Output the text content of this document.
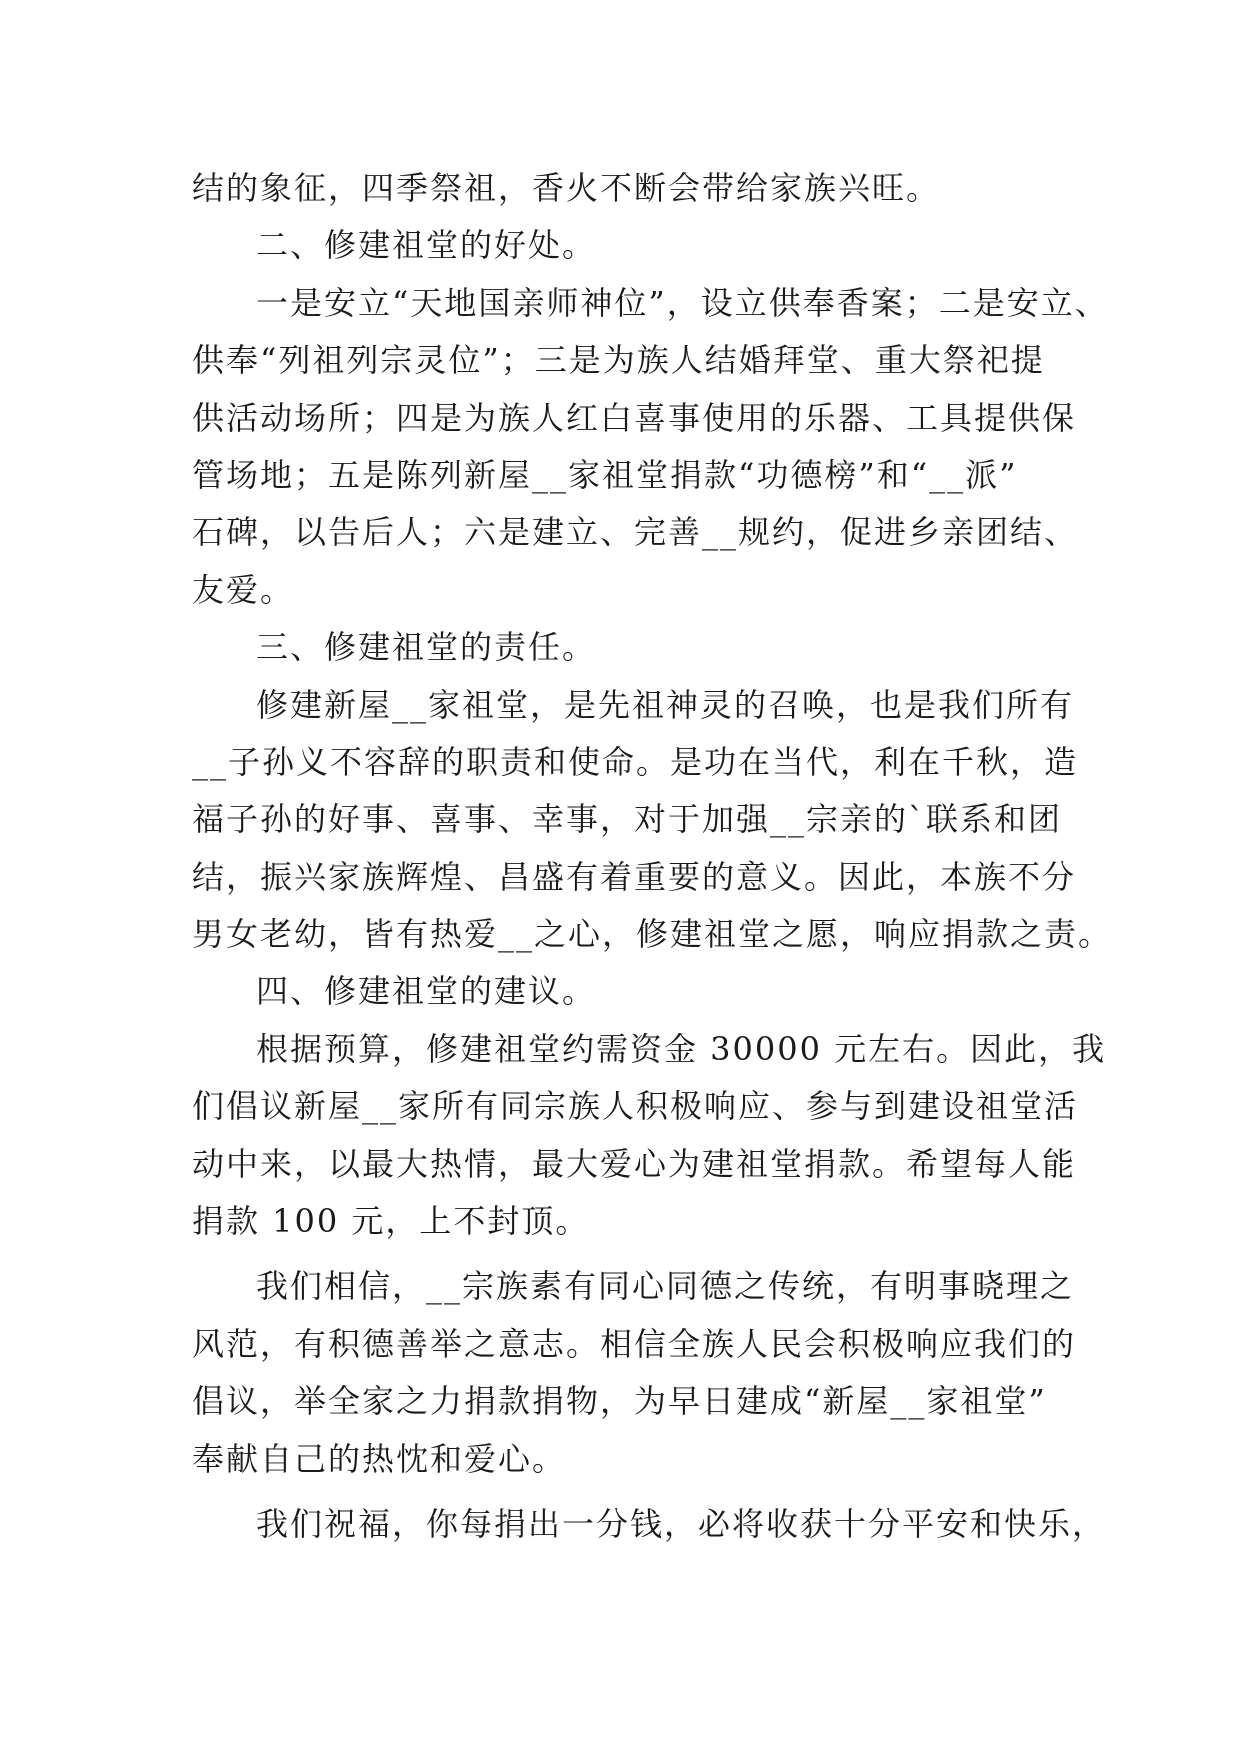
结的象征，四季祭祖，香火不断会带给家族兴旺。
二、修建祖堂的好处。
一是安立“天地国亲师神位”，设立供奉香案；二是安立、
供奉“列祖列宗灵位”；三是为族人结婚拜堂、重大祭祀提
供活动场所；四是为族人红白喜事使用的乐器、工具提供保
管场地；五是陈列新屋__家祖堂捐款“功德榜”和“__派”
石碑，以告后人；六是建立、完善__规约，促进乡亲团结、
友爱。
三、修建祖堂的责任。
修建新屋__家祖堂，是先祖神灵的召唤，也是我们所有
__子孙义不容辞的职责和使命。是功在当代，利在千秋，造
福子孙的好事、喜事、幸事，对于加强__宗亲的`联系和团
结，振兴家族辉煌、昌盛有着重要的意义。因此，本族不分
男女老幼，皆有热爱__之心，修建祖堂之愿，响应捐款之责。
四、修建祖堂的建议。
根据预算，修建祖堂约需资金 30000 元左右。因此，我
们倡议新屋__家所有同宗族人积极响应、参与到建设祖堂活
动中来，以最大热情，最大爱心为建祖堂捐款。希望每人能
捐款 100 元，上不封顶。
我们相信，__宗族素有同心同德之传统，有明事晓理之
风范，有积德善举之意志。相信全族人民会积极响应我们的
倡议，举全家之力捐款捐物，为早日建成“新屋__家祖堂”
奉献自己的热忱和爱心。
我们祝福，你每捐出一分钱，必将收获十分平安和快乐，
